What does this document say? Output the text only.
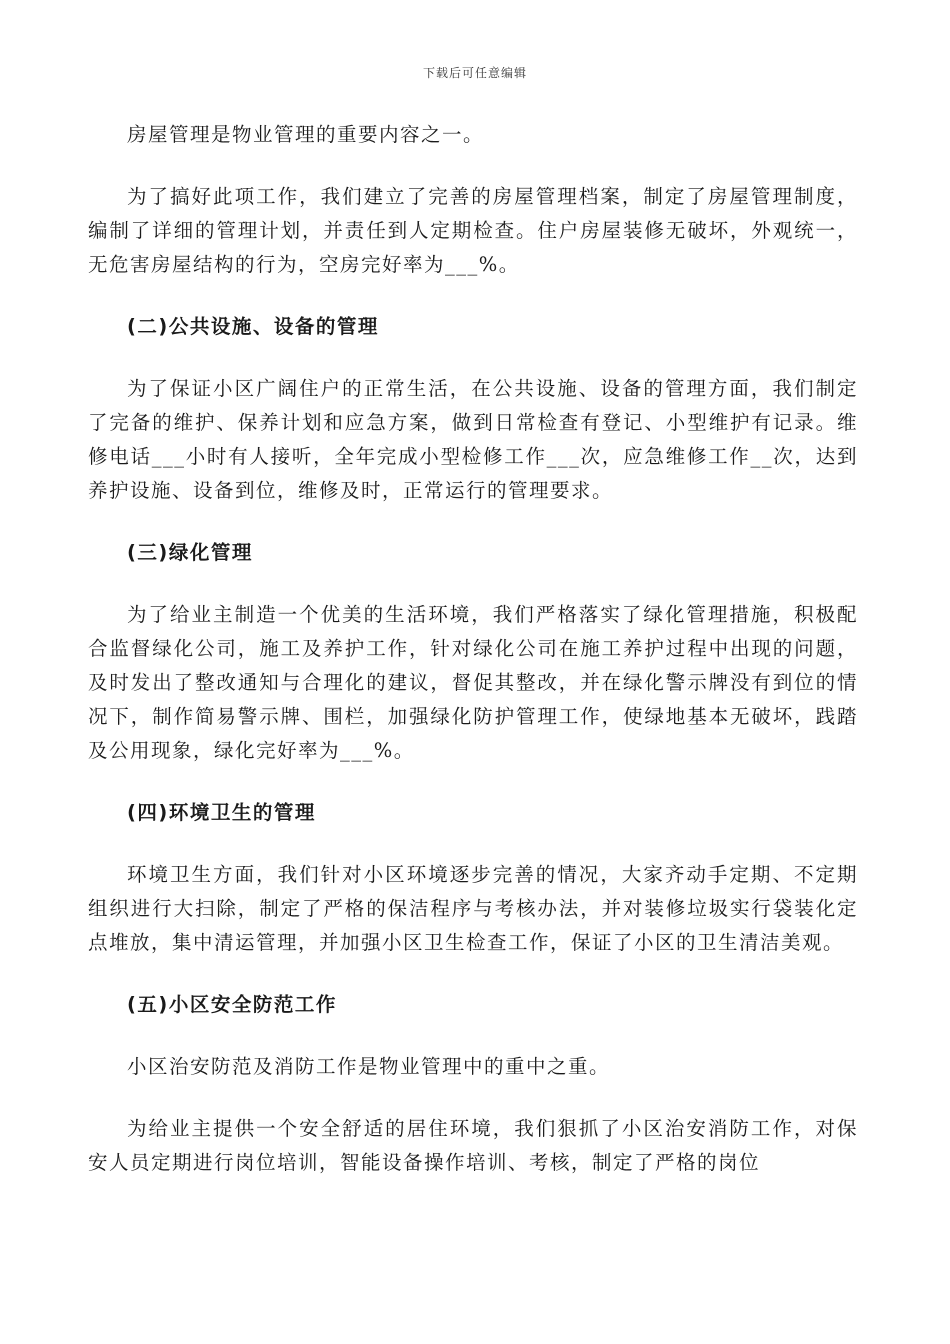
下载后可任意编辑

房屋管理是物业管理的重要内容之一。

为了搞好此项工作，我们建立了完善的房屋管理档案，制定了房屋管理制度，编制了详细的管理计划，并责任到人定期检查。住户房屋装修无破坏，外观统一，无危害房屋结构的行为，空房完好率为___%。

(二)公共设施、设备的管理

为了保证小区广阔住户的正常生活，在公共设施、设备的管理方面，我们制定了完备的维护、保养计划和应急方案，做到日常检查有登记、小型维护有记录。维修电话___小时有人接听，全年完成小型检修工作___次，应急维修工作__次，达到养护设施、设备到位，维修及时，正常运行的管理要求。

(三)绿化管理

为了给业主制造一个优美的生活环境，我们严格落实了绿化管理措施，积极配合监督绿化公司，施工及养护工作，针对绿化公司在施工养护过程中出现的问题，及时发出了整改通知与合理化的建议，督促其整改，并在绿化警示牌没有到位的情况下，制作简易警示牌、围栏，加强绿化防护管理工作，使绿地基本无破坏，践踏及公用现象，绿化完好率为___%。

(四)环境卫生的管理

环境卫生方面，我们针对小区环境逐步完善的情况，大家齐动手定期、不定期组织进行大扫除，制定了严格的保洁程序与考核办法，并对装修垃圾实行袋装化定点堆放，集中清运管理，并加强小区卫生检查工作，保证了小区的卫生清洁美观。

(五)小区安全防范工作

小区治安防范及消防工作是物业管理中的重中之重。

为给业主提供一个安全舒适的居住环境，我们狠抓了小区治安消防工作，对保安人员定期进行岗位培训，智能设备操作培训、考核，制定了严格的岗位
